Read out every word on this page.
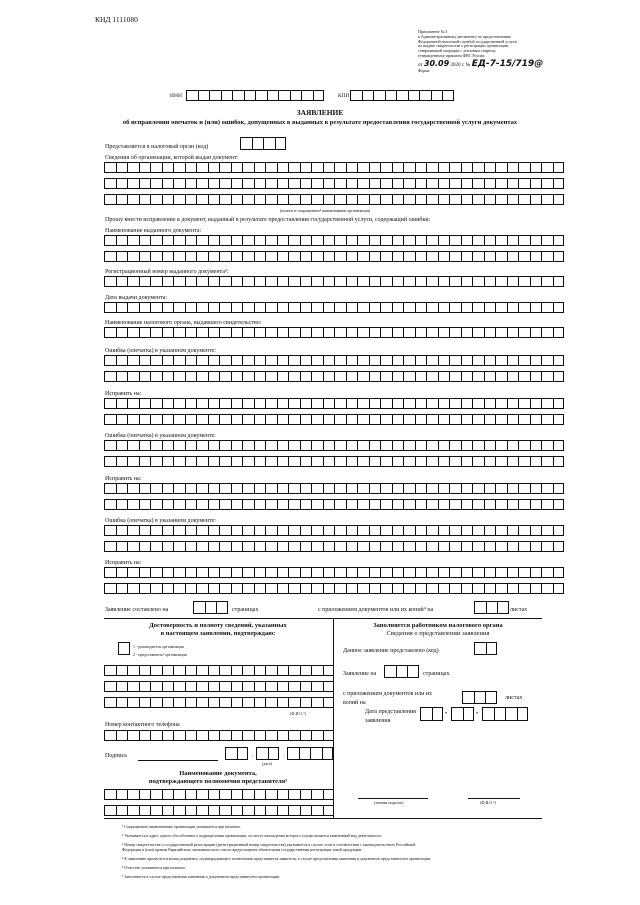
КНД 1111080
Приложение № 3
к Административному регламенту по предоставлению
Федеральной налоговой службой государственной услуги
по выдаче свидетельства о регистрации организации,
совершающей операции с этиловым спиртом,
утвержденному приказом ФНС России
от 30.09 2020 г. № ЕД-7-15/719@
Форма
ИНН	КПП
ЗАЯВЛЕНИЕ
об исправлении опечаток и (или) ошибок, допущенных в выданных в результате предоставления государственной услуги документах
Представляется в налоговый орган (код)
Сведения об организации, которой выдан документ:
(полное и сокращенное² наименование организации)
Прошу внести исправление в документ, выданный в результате предоставления государственной услуги, содержащий ошибки:
Наименование выданного документа:
Регистрационный номер выданного документа³:
Дата выдачи документа:
Наименование налогового органа, выдавшего свидетельство:
Ошибка (опечатка) в указанном документе:
Исправить на:
Ошибка (опечатка) в указанном документе:
Исправить на:
Ошибка (опечатка) в указанном документе:
Исправить на:
Заявление составлено на	страницах	с приложением документов или их копий⁴ на	листах
Достоверность и полноту сведений, указанных
в настоящем заявлении, подтверждаю:
1 - руководитель организации
2 - представитель⁵ организации
(Ф.И.О.⁶)
Номер контактного телефона
Подпись	.	.
(дата)
Наименование документа,
подтверждающего полномочия представителя⁵
Заполняется работником налогового органа
Сведения о представлении заявления
Данное заявление представлено (код)
Заявление на	страницах
с приложением документов или их
копий на
листах
Дата представления
заявления
•	•
(личная подпись)	(Ф.И.О.⁶)
¹ Сокращенное наименование организации указывается при наличии.
² Указывается в адрес одного обособленного подразделения организации, по месту нахождения которого осуществляется заявленный вид деятельности.
³ Номер свидетельства о государственной регистрации (регистрационный номер свидетельства) указывается в случае, если в соответствии с законодательством Российской
Федерации и (или) правом Евразийского экономического союза предусмотрена обязательная государственная регистрация такой продукции.
⁴ К заявлению прилагается копия документа, подтверждающего полномочия представителя заявителя, в случае представления заявления в документов представителем организации.
⁵ Отчество указывается при наличии.
⁶ Заполняется в случае представления заявления и документов представителем организации.
